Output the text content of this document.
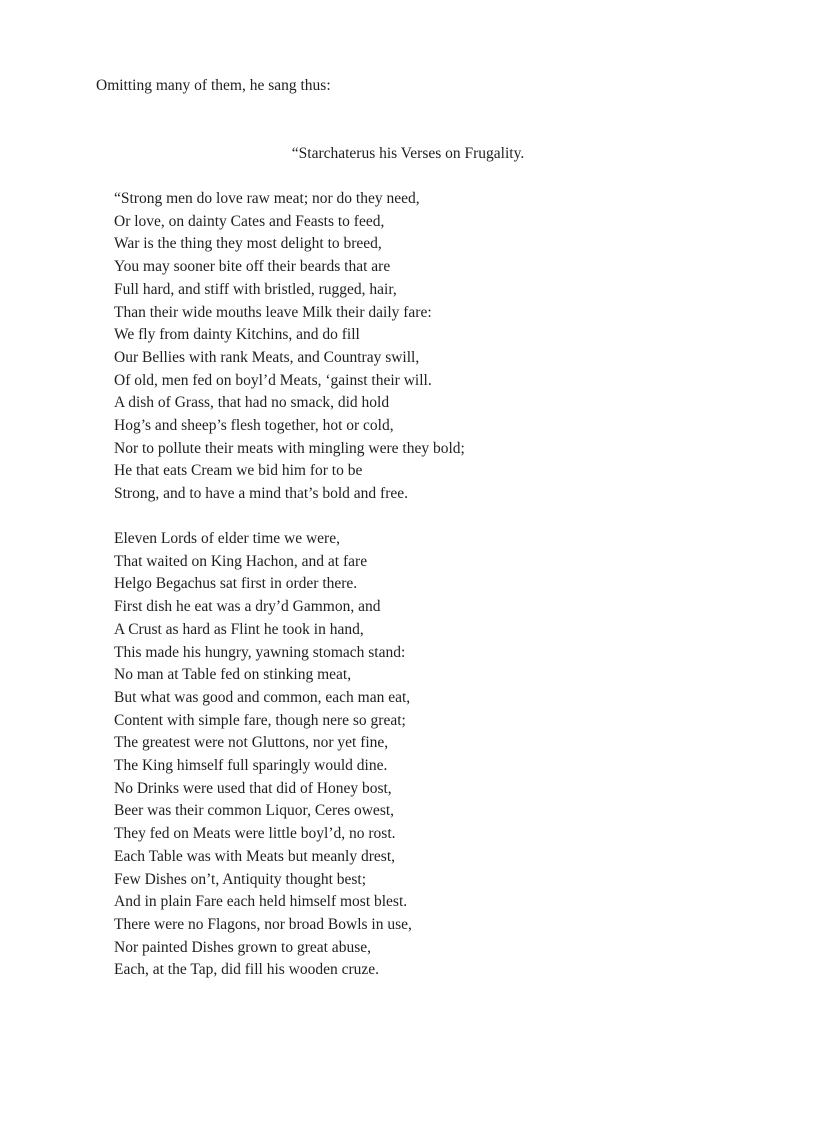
Omitting many of them, he sang thus:

“Starchaterus his Verses on Frugality.

“Strong men do love raw meat; nor do they need,

Or love, on dainty Cates and Feasts to feed,

War is the thing they most delight to breed,

You may sooner bite off their beards that are

Full hard, and stiff with bristled, rugged, hair,

Than their wide mouths leave Milk their daily fare:

We fly from dainty Kitchins, and do fill

Our Bellies with rank Meats, and Countray swill,

Of old, men fed on boyl’d Meats, ‘gainst their will.

A dish of Grass, that had no smack, did hold

Hog’s and sheep’s flesh together, hot or cold,

Nor to pollute their meats with mingling were they bold;

He that eats Cream we bid him for to be

Strong, and to have a mind that’s bold and free.

Eleven Lords of elder time we were,

That waited on King Hachon, and at fare

Helgo Begachus sat first in order there.

First dish he eat was a dry’d Gammon, and

A Crust as hard as Flint he took in hand,

This made his hungry, yawning stomach stand:

No man at Table fed on stinking meat,

But what was good and common, each man eat,

Content with simple fare, though nere so great;

The greatest were not Gluttons, nor yet fine,

The King himself full sparingly would dine.

No Drinks were used that did of Honey bost,

Beer was their common Liquor, Ceres owest,

They fed on Meats were little boyl’d, no rost.

Each Table was with Meats but meanly drest,

Few Dishes on’t, Antiquity thought best;

And in plain Fare each held himself most blest.

There were no Flagons, nor broad Bowls in use,

Nor painted Dishes grown to great abuse,

Each, at the Tap, did fill his wooden cruze.
